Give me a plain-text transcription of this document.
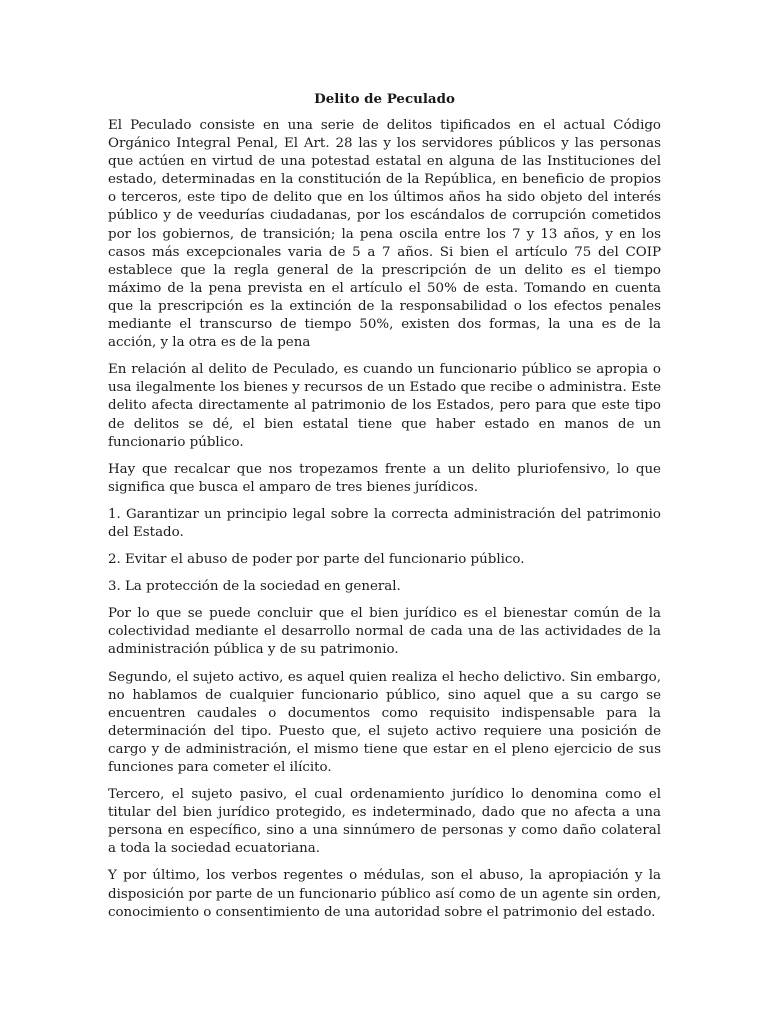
Delito de Peculado

El Peculado consiste en una serie de delitos tipificados en el actual Código Orgánico Integral Penal, El Art. 28 las y los servidores públicos y las personas que actúen en virtud de una potestad estatal en alguna de las Instituciones del estado, determinadas en la constitución de la República, en beneficio de propios o terceros, este tipo de delito que en los últimos años ha sido objeto del interés público y de veedurías ciudadanas, por los escándalos de corrupción cometidos por los gobiernos, de transición; la pena oscila entre los 7 y 13 años, y en los casos más excepcionales varia de 5 a 7 años. Si bien el artículo 75 del COIP establece que la regla general de la prescripción de un delito es el tiempo máximo de la pena prevista en el artículo el 50% de esta. Tomando en cuenta que la prescripción es la extinción de la responsabilidad o los efectos penales mediante el transcurso de tiempo 50%, existen dos formas, la una es de la acción, y la otra es de la pena

En relación al delito de Peculado, es cuando un funcionario público se apropia o usa ilegalmente los bienes y recursos de un Estado que recibe o administra. Este delito afecta directamente al patrimonio de los Estados, pero para que este tipo de delitos se dé, el bien estatal tiene que haber estado en manos de un funcionario público.

Hay que recalcar que nos tropezamos frente a un delito pluriofensivo, lo que significa que busca el amparo de tres bienes jurídicos.

1. Garantizar un principio legal sobre la correcta administración del patrimonio del Estado.

2. Evitar el abuso de poder por parte del funcionario público.

3. La protección de la sociedad en general.

Por lo que se puede concluir que el bien jurídico es el bienestar común de la colectividad mediante el desarrollo normal de cada una de las actividades de la administración pública y de su patrimonio.

Segundo, el sujeto activo, es aquel quien realiza el hecho delictivo. Sin embargo, no hablamos de cualquier funcionario público, sino aquel que a su cargo se encuentren caudales o documentos como requisito indispensable para la determinación del tipo. Puesto que, el sujeto activo requiere una posición de cargo y de administración, el mismo tiene que estar en el pleno ejercicio de sus funciones para cometer el ilícito.

Tercero, el sujeto pasivo, el cual ordenamiento jurídico lo denomina como el titular del bien jurídico protegido, es indeterminado, dado que no afecta a una persona en específico, sino a una sinnúmero de personas y como daño colateral a toda la sociedad ecuatoriana.

Y por último, los verbos regentes o médulas, son el abuso, la apropiación y la disposición por parte de un funcionario público así como de un agente sin orden, conocimiento o consentimiento de una autoridad sobre el patrimonio del estado.
